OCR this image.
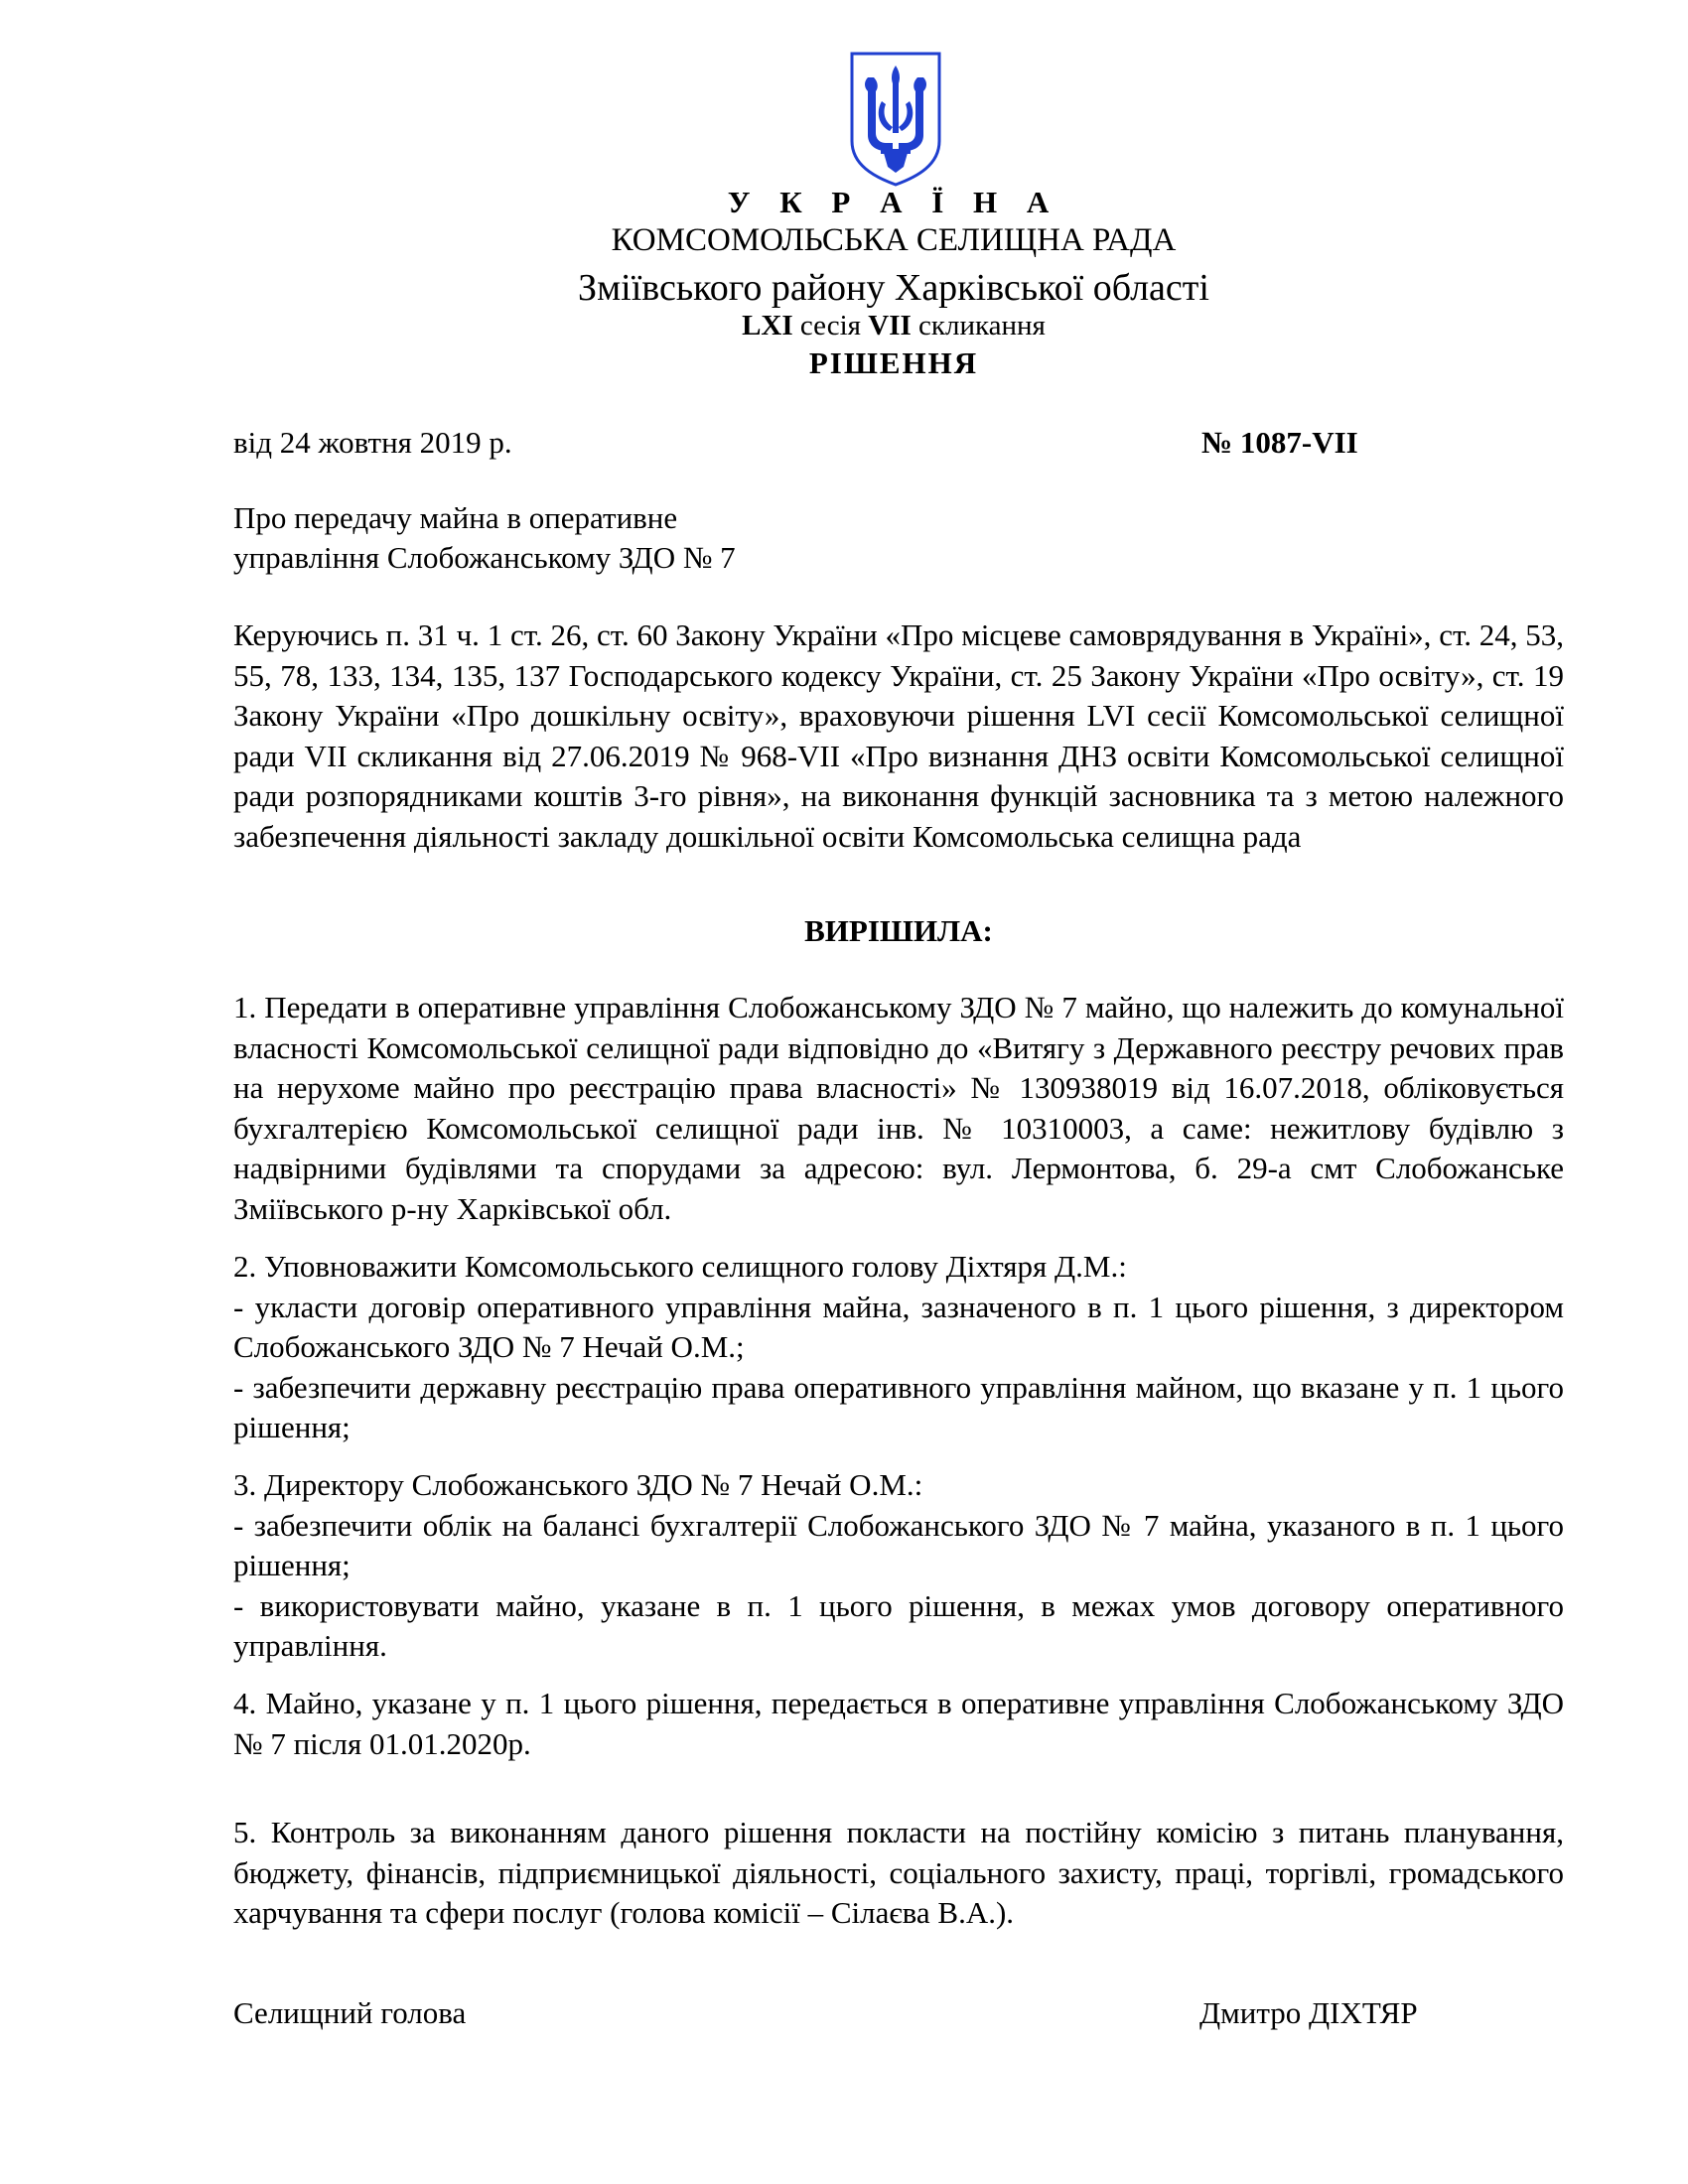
У К Р А Ї Н А
КОМСОМОЛЬСЬКА СЕЛИЩНА РАДА
Зміївського району Харківської області
LXI сесія VII скликання
РІШЕННЯ
від 24 жовтня 2019 р.	№ 1087-VII
Про передачу майна в оперативне
управління Слобожанському ЗДО № 7
Керуючись п. 31 ч. 1 ст. 26, ст. 60 Закону України «Про місцеве самоврядування в Україні», ст. 24, 53, 55, 78, 133, 134, 135, 137 Господарського кодексу України, ст. 25 Закону України «Про освіту», ст. 19 Закону України «Про дошкільну освіту», враховуючи рішення LVI сесії Комсомольської селищної ради VII скликання від 27.06.2019 № 968-VII «Про визнання ДНЗ освіти Комсомольської селищної ради розпорядниками коштів 3-го рівня», на виконання функцій засновника та з метою належного забезпечення діяльності закладу дошкільної освіти Комсомольська селищна рада
ВИРІШИЛА:
1. Передати в оперативне управління Слобожанському ЗДО № 7 майно, що належить до комунальної власності Комсомольської селищної ради відповідно до «Витягу з Державного реєстру речових прав на нерухоме майно про реєстрацію права власності» № 130938019 від 16.07.2018, обліковується бухгалтерією Комсомольської селищної ради інв. № 10310003, а саме: нежитлову будівлю з надвірними будівлями та спорудами за адресою: вул. Лермонтова, б. 29-а смт Слобожанське Зміївського р-ну Харківської обл.
2. Уповноважити Комсомольського селищного голову Діхтяря Д.М.:
- укласти договір оперативного управління майна, зазначеного в п. 1 цього рішення, з директором Слобожанського ЗДО № 7 Нечай О.М.;
- забезпечити державну реєстрацію права оперативного управління майном, що вказане у п. 1 цього рішення;
3. Директору Слобожанського ЗДО № 7 Нечай О.М.:
- забезпечити облік на балансі бухгалтерії Слобожанського ЗДО № 7 майна, указаного в п. 1 цього рішення;
- використовувати майно, указане в п. 1 цього рішення, в межах умов договору оперативного управління.
4. Майно, указане у п. 1 цього рішення, передається в оперативне управління Слобожанському ЗДО № 7 після 01.01.2020р.
5. Контроль за виконанням даного рішення покласти на постійну комісію з питань планування, бюджету, фінансів, підприємницької діяльності, соціального захисту, праці, торгівлі, громадського харчування та сфери послуг (голова комісії – Сілаєва В.А.).
Селищний голова	Дмитро ДІХТЯР
